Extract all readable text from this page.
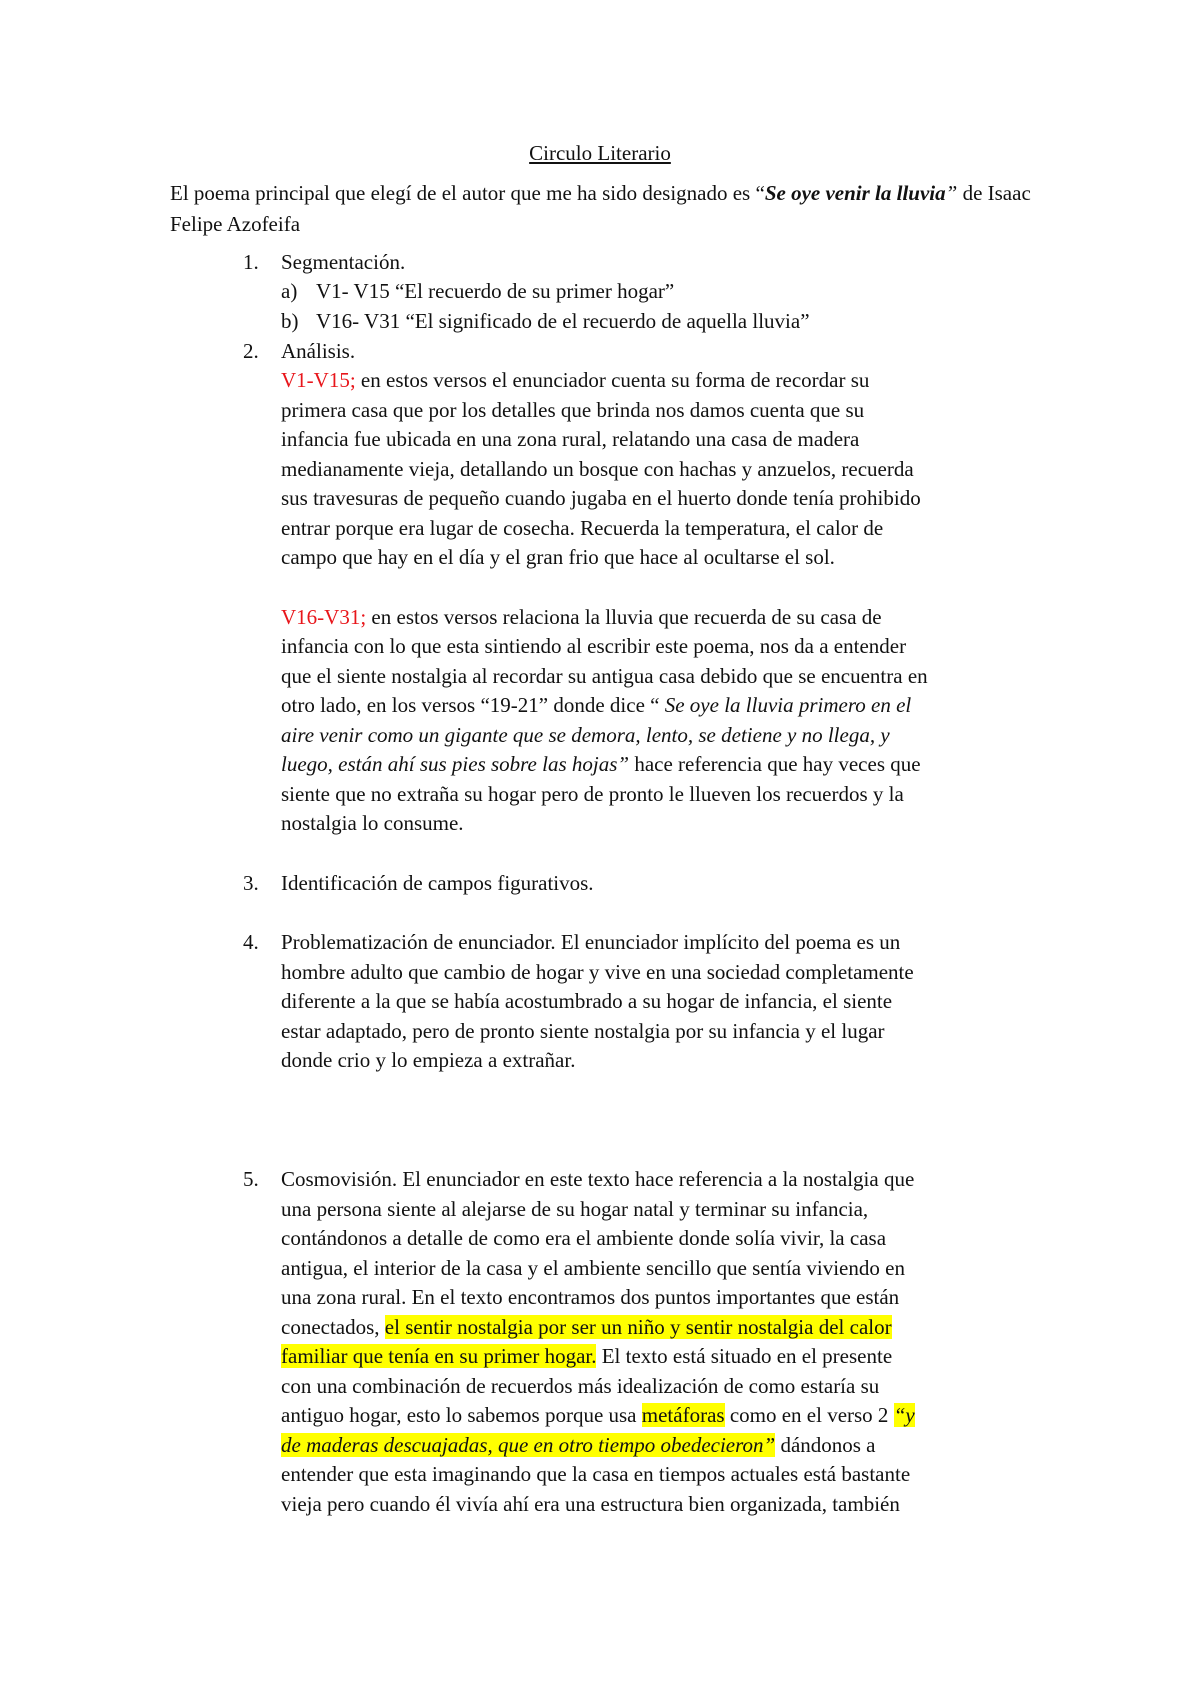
Circulo Literario
El poema principal que elegí de el autor que me ha sido designado es “Se oye venir la lluvia” de Isaac Felipe Azofeifa
1. Segmentación.
a) V1- V15 “El recuerdo de su primer hogar”
b) V16- V31 “El significado de el recuerdo de aquella lluvia”
2. Análisis.
V1-V15; en estos versos el enunciador cuenta su forma de recordar su
primera casa que por los detalles que brinda nos damos cuenta que su
infancia fue ubicada en una zona rural, relatando una casa de madera
medianamente vieja, detallando un bosque con hachas y anzuelos, recuerda
sus travesuras de pequeño cuando jugaba en el huerto donde tenía prohibido
entrar porque era lugar de cosecha. Recuerda la temperatura, el calor de
campo que hay en el día y el gran frio que hace al ocultarse el sol.
V16-V31; en estos versos relaciona la lluvia que recuerda de su casa de
infancia con lo que esta sintiendo al escribir este poema, nos da a entender
que el siente nostalgia al recordar su antigua casa debido que se encuentra en
otro lado, en los versos “19-21” donde dice “ Se oye la lluvia primero en el
aire venir como un gigante que se demora, lento, se detiene y no llega, y
luego, están ahí sus pies sobre las hojas” hace referencia que hay veces que
siente que no extraña su hogar pero de pronto le llueven los recuerdos y la
nostalgia lo consume.
3. Identificación de campos figurativos.
4. Problematización de enunciador. El enunciador implícito del poema es un
hombre adulto que cambio de hogar y vive en una sociedad completamente
diferente a la que se había acostumbrado a su hogar de infancia, el siente
estar adaptado, pero de pronto siente nostalgia por su infancia y el lugar
donde crio y lo empieza a extrañar.
5. Cosmovisión. El enunciador en este texto hace referencia a la nostalgia que
una persona siente al alejarse de su hogar natal y terminar su infancia,
contándonos a detalle de como era el ambiente donde solía vivir, la casa
antigua, el interior de la casa y el ambiente sencillo que sentía viviendo en
una zona rural. En el texto encontramos dos puntos importantes que están
conectados, el sentir nostalgia por ser un niño y sentir nostalgia del calor
familiar que tenía en su primer hogar. El texto está situado en el presente
con una combinación de recuerdos más idealización de como estaría su
antiguo hogar, esto lo sabemos porque usa metáforas como en el verso 2 “y
de maderas descuajadas, que en otro tiempo obedecieron” dándonos a
entender que esta imaginando que la casa en tiempos actuales está bastante
vieja pero cuando él vivía ahí era una estructura bien organizada, también
